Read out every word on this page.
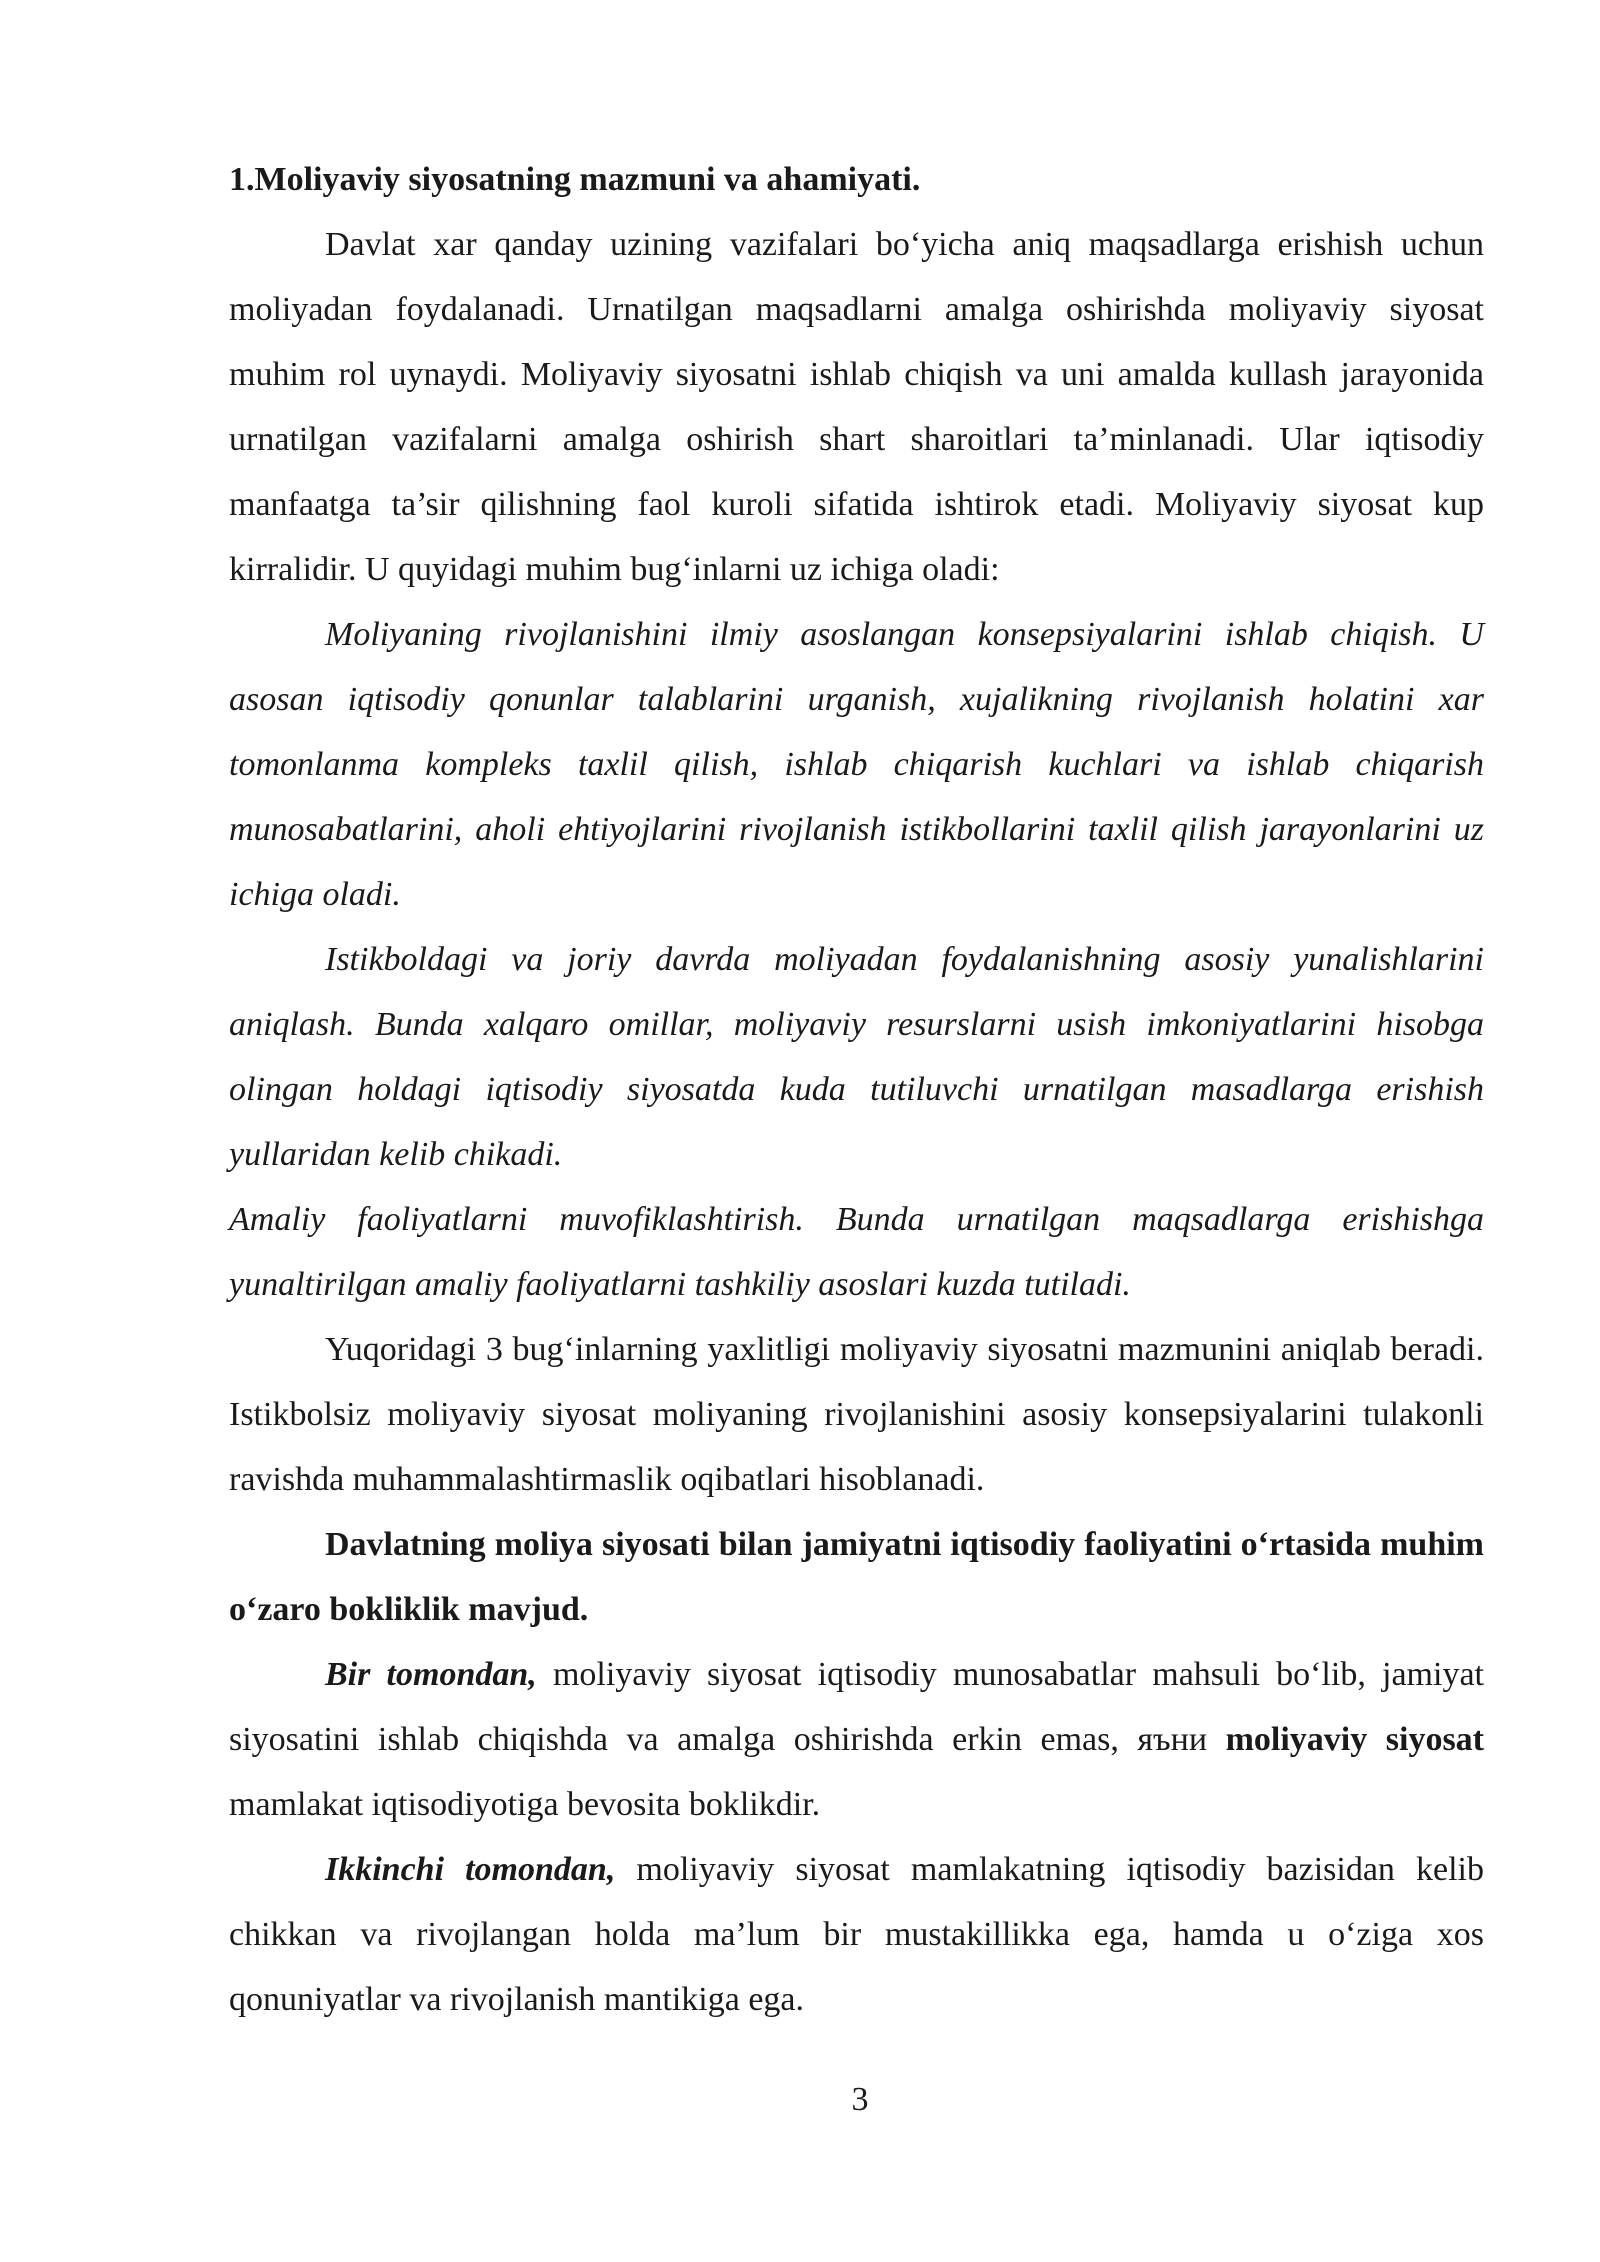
1.Moliyaviy siyosatning mazmuni va ahamiyati.

Davlat xar qanday uzining vazifalari bo‘yicha aniq maqsadlarga erishish uchun moliyadan foydalanadi. Urnatilgan maqsadlarni amalga oshirishda moliyaviy siyosat muhim rol uynaydi. Moliyaviy siyosatni ishlab chiqish va uni amalda kullash jarayonida urnatilgan vazifalarni amalga oshirish shart sharoitlari ta’minlanadi. Ular iqtisodiy manfaatga ta’sir qilishning faol kuroli sifatida ishtirok etadi. Moliyaviy siyosat kup kirralidir. U quyidagi muhim bug‘inlarni uz ichiga oladi:

Moliyaning rivojlanishini ilmiy asoslangan konsepsiyalarini ishlab chiqish. U asosan iqtisodiy qonunlar talablarini urganish, xujalikning rivojlanish holatini xar tomonlanma kompleks taxlil qilish, ishlab chiqarish kuchlari va ishlab chiqarish munosabatlarini, aholi ehtiyojlarini rivojlanish istikbollarini taxlil qilish jarayonlarini uz ichiga oladi.

Istikboldagi va joriy davrda moliyadan foydalanishning asosiy yunalishlarini aniqlash. Bunda xalqaro omillar, moliyaviy resurslarni usish imkoniyatlarini hisobga olingan holdagi iqtisodiy siyosatda kuda tutiluvchi urnatilgan masadlarga erishish yullaridan kelib chikadi.

Amaliy faoliyatlarni muvofiklashtirish. Bunda urnatilgan maqsadlarga erishishga yunaltirilgan amaliy faoliyatlarni tashkiliy asoslari kuzda tutiladi.

Yuqoridagi 3 bug‘inlarning yaxlitligi moliyaviy siyosatni mazmunini aniqlab beradi. Istikbolsiz moliyaviy siyosat moliyaning rivojlanishini asosiy konsepsiyalarini tulakonli ravishda muhammalashtirmaslik oqibatlari hisoblanadi.

Davlatning moliya siyosati bilan jamiyatni iqtisodiy faoliyatini o‘rtasida muhim o‘zaro bokliklik mavjud.

Bir tomondan, moliyaviy siyosat iqtisodiy munosabatlar mahsuli bo‘lib, jamiyat siyosatini ishlab chiqishda va amalga oshirishda erkin emas, яъни moliyaviy siyosat mamlakat iqtisodiyotiga bevosita boklikdir.

Ikkinchi tomondan, moliyaviy siyosat mamlakatning iqtisodiy bazisidan kelib chikkan va rivojlangan holda ma’lum bir mustakillikka ega, hamda u o‘ziga xos qonuniyatlar va rivojlanish mantikiga ega.

3
